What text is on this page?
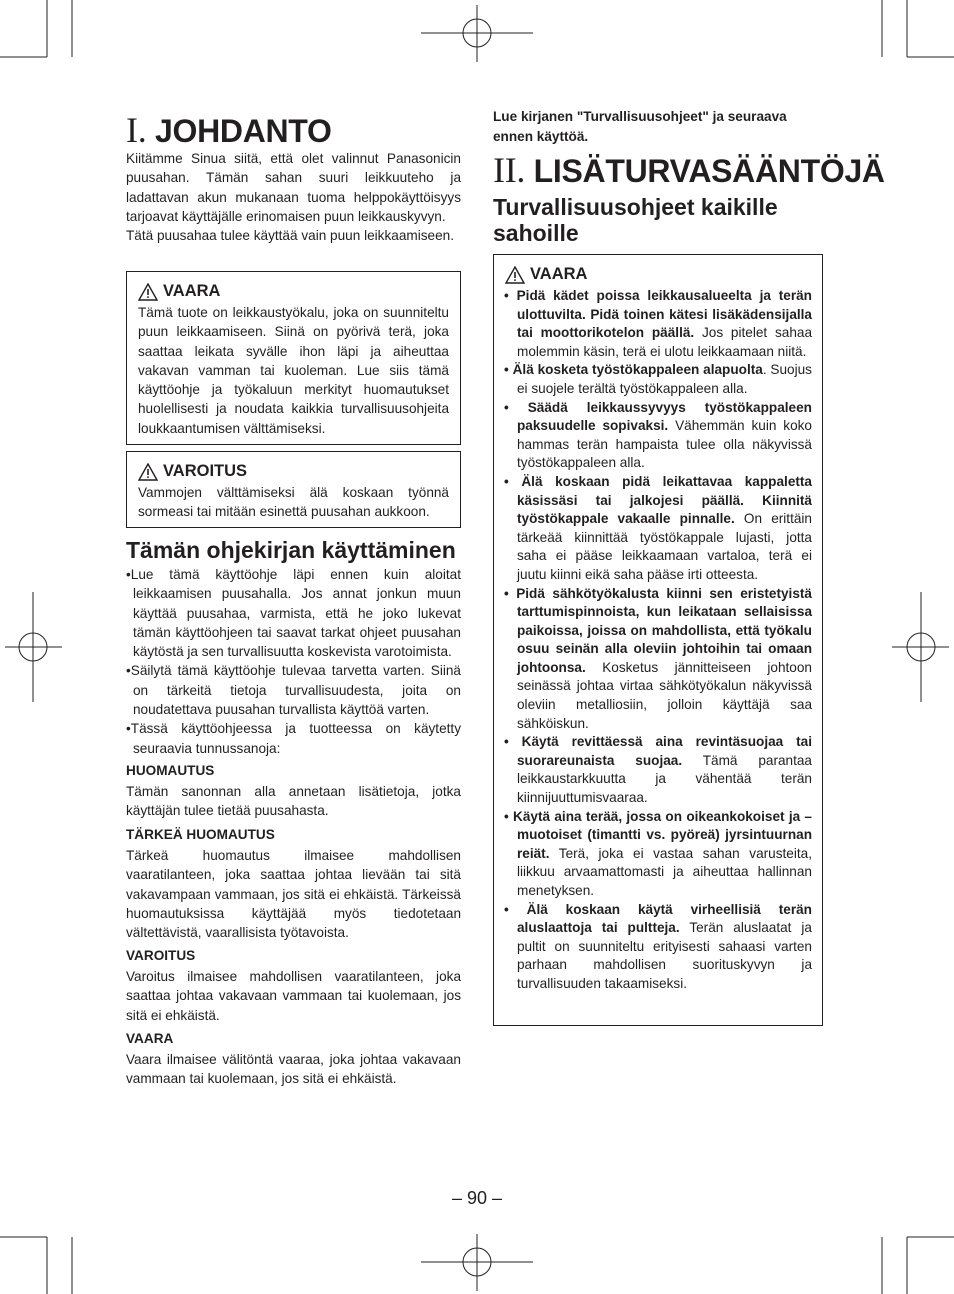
I. JOHDANTO

Kiitämme Sinua siitä, että olet valinnut Panasonicin puusahan. Tämän sahan suuri leikkuuteho ja ladattavan akun mukanaan tuoma helppokäyttöisyys tarjoavat käyttäjälle erinomaisen puun leikkauskyvyn.

Tätä puusahaa tulee käyttää vain puun leikkaamiseen.

VAARA
Tämä tuote on leikkaustyökalu, joka on suunniteltu puun leikkaamiseen. Siinä on pyörivä terä, joka saattaa leikata syvälle ihon läpi ja aiheuttaa vakavan vamman tai kuoleman. Lue siis tämä käyttöohje ja työkaluun merkityt huomautukset huolellisesti ja noudata kaikkia turvallisuusohjeita loukkaantumisen välttämiseksi.
VAROITUS
Vammojen välttämiseksi älä koskaan työnnä sormeasi tai mitään esinettä puusahan aukkoon.
Tämän ohjekirjan käyttäminen
•Lue tämä käyttöohje läpi ennen kuin aloitat leikkaamisen puusahalla. Jos annat jonkun muun käyttää puusahaa, varmista, että he joko lukevat tämän käyttöohjeen tai saavat tarkat ohjeet puusahan käytöstä ja sen turvallisuutta koskevista varotoimista.
•Säilytä tämä käyttöohje tulevaa tarvetta varten. Siinä on tärkeitä tietoja turvallisuudesta, joita on noudatettava puusahan turvallista käyttöä varten.
•Tässä käyttöohjeessa ja tuotteessa on käytetty seuraavia tunnussanoja:
HUOMAUTUS

Tämän sanonnan alla annetaan lisätietoja, jotka käyttäjän tulee tietää puusahasta.

TÄRKEÄ HUOMAUTUS

Tärkeä huomautus ilmaisee mahdollisen vaaratilanteen, joka saattaa johtaa lievään tai sitä vakavampaan vammaan, jos sitä ei ehkäistä. Tärkeissä huomautuksissa käyttäjää myös tiedotetaan vältettävistä, vaarallisista työtavoista.

VAROITUS

Varoitus ilmaisee mahdollisen vaaratilanteen, joka saattaa johtaa vakavaan vammaan tai kuolemaan, jos sitä ei ehkäistä.

VAARA

Vaara ilmaisee välitöntä vaaraa, joka johtaa vakavaan vammaan tai kuolemaan, jos sitä ei ehkäistä.

Lue kirjanen "Turvallisuusohjeet" ja seuraava ennen käyttöä.
II. LISÄTURVASÄÄNTÖJÄ
Turvallisuusohjeet kaikille sahoille
VAARA
• Pidä kädet poissa leikkausalueelta ja terän ulottuvilta. Pidä toinen kätesi lisäkädensijalla tai moottorikotelon päällä. Jos pitelet sahaa molemmin käsin, terä ei ulotu leikkaamaan niitä.
• Älä kosketa työstökappaleen alapuolta. Suojus ei suojele terältä työstökappaleen alla.
• Säädä leikkaussyvyys työstökappaleen paksuudelle sopivaksi. Vähemmän kuin koko hammas terän hampaista tulee olla näkyvissä työstökappaleen alla.
• Älä koskaan pidä leikattavaa kappaletta käsissäsi tai jalkojesi päällä. Kiinnitä työstökappale vakaalle pinnalle. On erittäin tärkeää kiinnittää työstökappale lujasti, jotta saha ei pääse leikkaamaan vartaloa, terä ei juutu kiinni eikä saha pääse irti otteesta.
• Pidä sähkötyökalusta kiinni sen eristetyistä tarttumispinnoista, kun leikataan sellaisissa paikoissa, joissa on mahdollista, että työkalu osuu seinän alla oleviin johtoihin tai omaan johtoonsa. Kosketus jännitteiseen johtoon seinässä johtaa virtaa sähkötyökalun näkyvissä oleviin metalliosiin, jolloin käyttäjä saa sähköiskun.
• Käytä revittäessä aina revintäsuojaa tai suorareunaista suojaa. Tämä parantaa leikkaustarkkuutta ja vähentää terän kiinnijuuttumisvaaraa.
• Käytä aina terää, jossa on oikeankokoiset ja –muotoiset (timantti vs. pyöreä) jyrsintuurnan reiät. Terä, joka ei vastaa sahan varusteita, liikkuu arvaamattomasti ja aiheuttaa hallinnan menetyksen.
• Älä koskaan käytä virheellisiä terän aluslaattoja tai pultteja. Terän aluslaatat ja pultit on suunniteltu erityisesti sahaasi varten parhaan mahdollisen suorituskyvyn ja turvallisuuden takaamiseksi.
– 90 –
